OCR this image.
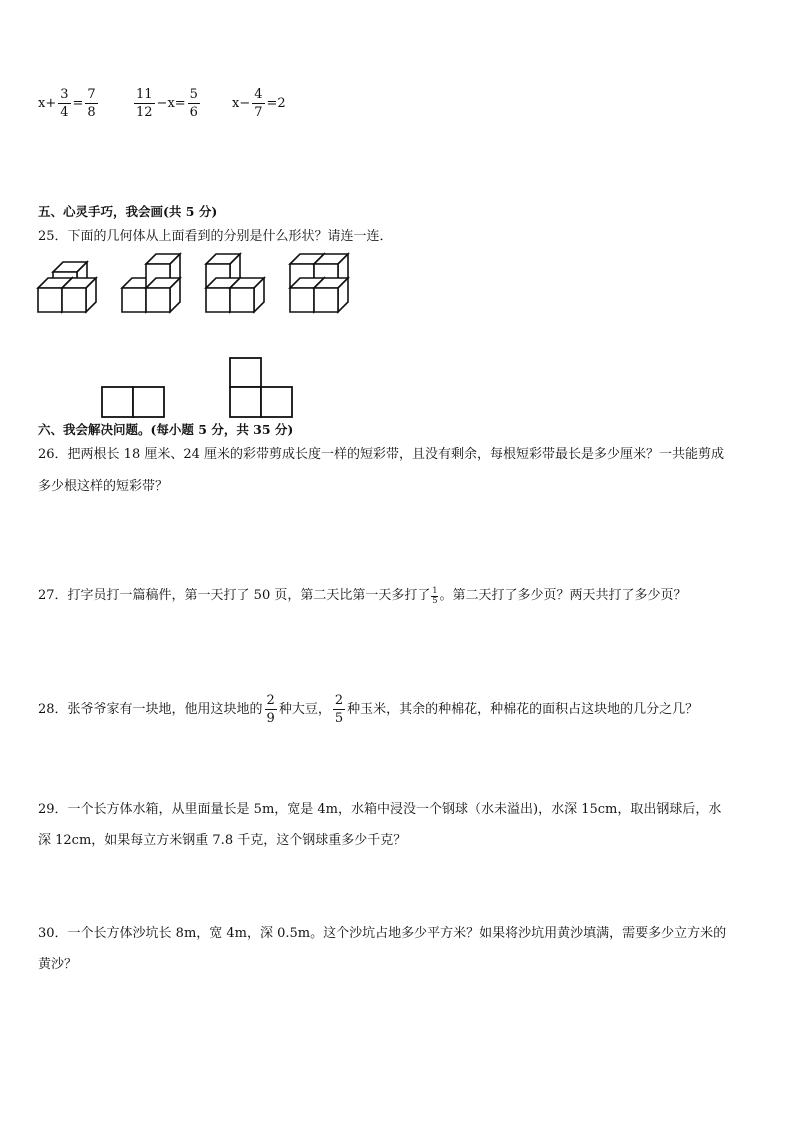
$x+ \frac{3}{4} = \frac{7}{8}$	$\frac{11}{12} -x= \frac{5}{6} x- \frac{4}{7} =2$
五、心灵手巧，我会画(共 5 分)
25．下面的几何体从上面看到的分别是什么形状？请连一连．
六、我会解决问题。(每小题 5 分，共 35 分)
26．把两根长 18 厘米、24 厘米的彩带剪成长度一样的短彩带，且没有剩余，每根短彩带最长是多少厘米？一共能剪成
多少根这样的短彩带？
27．打字员打一篇稿件，第一天打了 50 页，第二天比第一天多打了 $\frac{1}{5}$ 。第二天打了多少页？两天共打了多少页？
28．张爷爷家有一块地，他用这块地的 $\frac{2}{9}$ 种大豆， $\frac{2}{5}$ 种玉米，其余的种棉花，种棉花的面积占这块地的几分之几？
29．一个长方体水箱，从里面量长是 5m，宽是 4m，水箱中浸没一个钢球（水未溢出)，水深 15cm，取出钢球后，水
深 12cm，如果每立方米钢重 7.8 千克，这个钢球重多少千克？
30．一个长方体沙坑长 8m，宽 4m，深 0.5m。这个沙坑占地多少平方米？如果将沙坑用黄沙填满，需要多少立方米的
黄沙？
